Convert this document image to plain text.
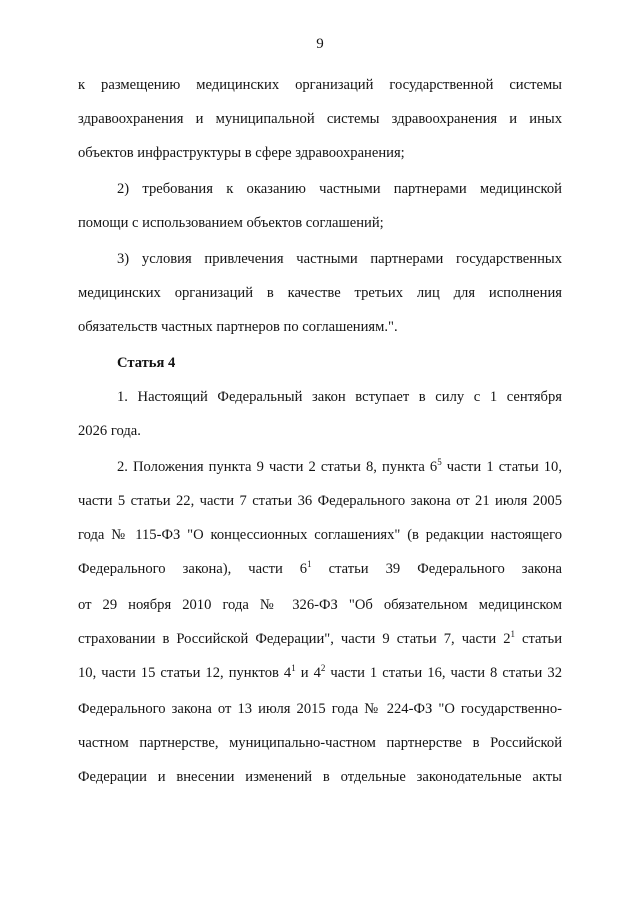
9
к размещению медицинских организаций государственной системы
здравоохранения и муниципальной системы здравоохранения и иных
объектов инфраструктуры в сфере здравоохранения;
2) требования к оказанию частными партнерами медицинской
помощи с использованием объектов соглашений;
3) условия привлечения частными партнерами государственных
медицинских организаций в качестве третьих лиц для исполнения
обязательств частных партнеров по соглашениям.".
Статья 4
1. Настоящий Федеральный закон вступает в силу с 1 сентября
2026 года.
2. Положения пункта 9 части 2 статьи 8, пункта $6^5$ части 1 статьи 10,
части 5 статьи 22, части 7 статьи 36 Федерального закона от 21 июля 2005
года № 115-ФЗ "О концессионных соглашениях" (в редакции настоящего
Федерального закона), части $6^1$ статьи 39 Федерального закона
от 29 ноября 2010 года № 326-ФЗ "Об обязательном медицинском
страховании в Российской Федерации", части 9 статьи 7, части $2^1$ статьи
10, части 15 статьи 12, пунктов $4^1$ и $4^2$ части 1 статьи 16, части 8 статьи 32
Федерального закона от 13 июля 2015 года № 224-ФЗ "О государственно-
частном партнерстве, муниципально-частном партнерстве в Российской
Федерации и внесении изменений в отдельные законодательные акты
